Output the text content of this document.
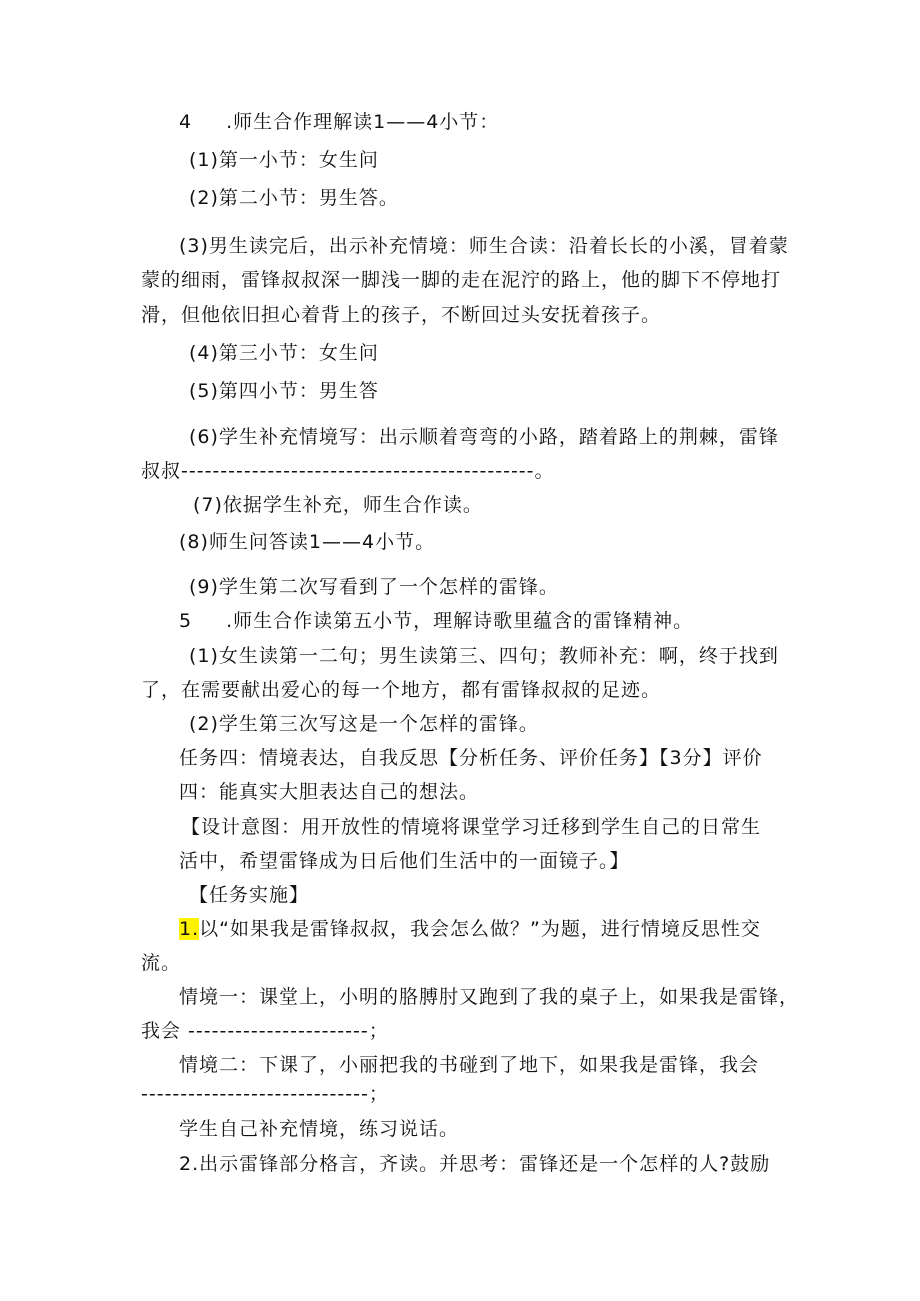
4 .师生合作理解读1——4小节：
(1)第一小节：女生问
(2)第二小节：男生答。
(3)男生读完后，出示补充情境：师生合读：沿着长长的小溪，冒着蒙
蒙的细雨，雷锋叔叔深一脚浅一脚的走在泥泞的路上，他的脚下不停地打
滑，但他依旧担心着背上的孩子，不断回过头安抚着孩子。
(4)第三小节：女生问
(5)第四小节：男生答
(6)学生补充情境写：出示顺着弯弯的小路，踏着路上的荆棘，雷锋
叔叔---------------------------------------------。
(7)依据学生补充，师生合作读。
(8)师生问答读1——4小节。
(9)学生第二次写看到了一个怎样的雷锋。
5 .师生合作读第五小节，理解诗歌里蕴含的雷锋精神。
(1)女生读第一二句；男生读第三、四句；教师补充：啊，终于找到
了，在需要献出爱心的每一个地方，都有雷锋叔叔的足迹。
(2)学生第三次写这是一个怎样的雷锋。
任务四：情境表达，自我反思【分析任务、评价任务】【3分】评价
四：能真实大胆表达自己的想法。
【设计意图：用开放性的情境将课堂学习迁移到学生自己的日常生
活中，希望雷锋成为日后他们生活中的一面镜子。】
【任务实施】
1.以“如果我是雷锋叔叔，我会怎么做？”为题，进行情境反思性交
流。
情境一：课堂上，小明的胳膊肘又跑到了我的桌子上，如果我是雷锋，
我会 -----------------------；
情境二：下课了，小丽把我的书碰到了地下，如果我是雷锋，我会
-----------------------------；
学生自己补充情境，练习说话。
2.出示雷锋部分格言，齐读。并思考：雷锋还是一个怎样的人?鼓励
